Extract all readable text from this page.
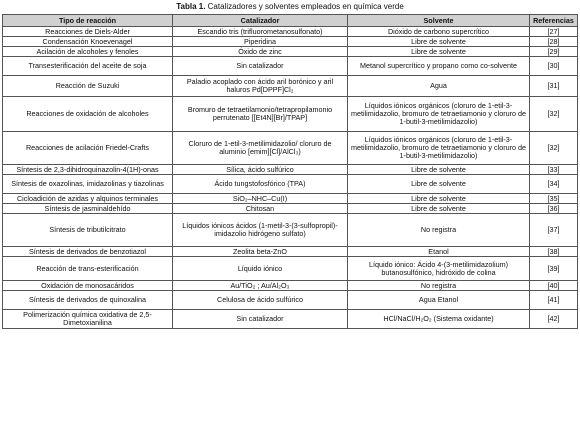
Tabla 1. Catalizadores y solventes empleados en química verde
Tipo de reacción	Catalizador	Solvente	Referencias
Reacciones de Diels-Alder	Escandio tris (trifluorometanosulfonato)	Dióxido de carbono supercrítico	[27]
Condensación Knoevenagel	Piperidina	Libre de solvente	[28]
Acilación de alcoholes y fenoles	Óxido de zinc	Libre de solvente	[29]
Transesterificación del aceite de soja	Sin catalizador	Metanol supercrítico y propano como co-solvente	[30]
Reacción de Suzuki	Paladio acoplado con ácido aril borónico y aril haluros Pd[DPPF]Cl₂	Agua	[31]
Reacciones de oxidación de alcoholes	Bromuro de tetraetilamonio/tetrapropilamonio perrutenato [[Et4N][Br]/TPAP]	Líquidos iónicos orgánicos (cloruro de 1-etil-3-metilimidazolio, bromuro de tetraetiamonio y cloruro de 1-butil-3-metilimidazolio)	[32]
Reacciones de acilación Friedel-Crafts	Cloruro de 1-etil-3-metilimidazolio/ cloruro de aluminio [emim][Cl]/AlCl₃)	Líquidos iónicos orgánicos (cloruro de 1-etil-3-metilimidazolio, bromuro de tetraetiamonio y cloruro de 1-butil-3-metilimidazolio)	[32]
Síntesis de 2,3-dihidroquinazolin-4(1H)-onas	Sílica, ácido sulfúrico	Libre de solvente	[33]
Síntesis de oxazolinas, imidazolinas y tiazolinas	Ácido tungstofosfórico (TPA)	Libre de solvente	[34]
Cicloadición de azidas y alquinos terminales	SiO₂–NHC–Cu(I)	Libre de solvente	[35]
Síntesis de jasminaldehído	Chitosan	Libre de solvente	[36]
Síntesis de tributilcitrato	Líquidos iónicos ácidos (1-metil-3-(3-sulfopropil)-imidazolio hidrógeno sulfato)	No registra	[37]
Síntesis de derivados de benzotiazol	Zeolita beta-ZnO	Etanol	[38]
Reacción de trans-esterificación	Líquido iónico	Líquido iónico: Ácido 4-(3-metilimidazolium) butanosulfónico, hidróxido de colina	[39]
Oxidación de monosacáridos	Au/TiO₂ ; Au/Al₂O₃	No registra	[40]
Síntesis de derivados de quinoxalina	Celulosa de ácido sulfúrico	Agua Etanol	[41]
Polimerización química oxidativa de 2,5-Dimetoxianilina	Sin catalizador	HCl/NaCl/H₂O₂ (Sistema oxidante)	[42]
